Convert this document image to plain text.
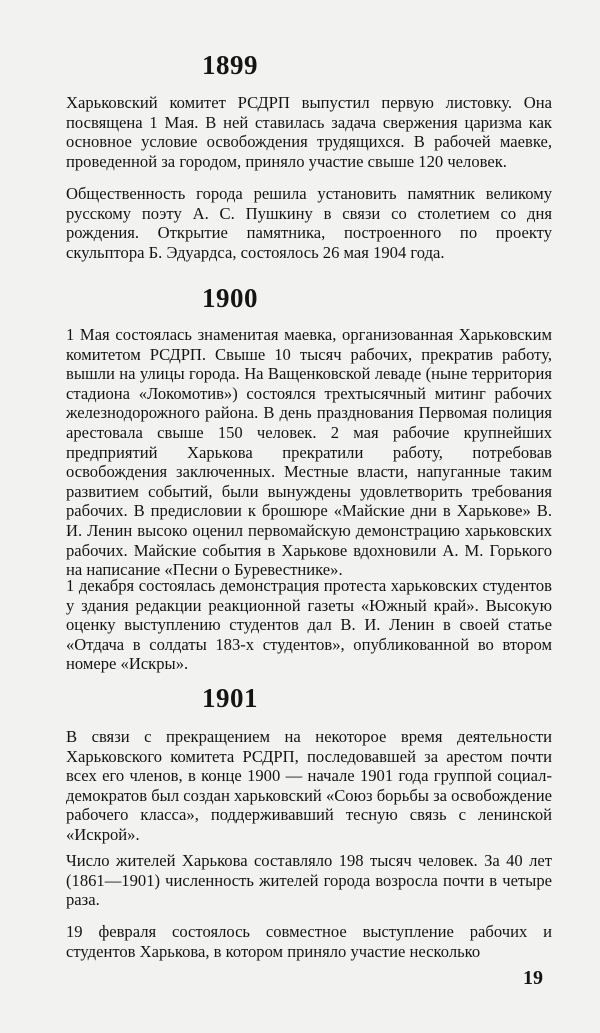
1899

Харьковский комитет РСДРП выпустил первую листовку. Она посвящена 1 Мая. В ней ставилась задача свержения царизма как основное условие освобождения трудящихся. В рабочей маевке, проведенной за городом, приняло участие свыше 120 человек.

Общественность города решила установить памятник великому русскому поэту А. С. Пушкину в связи со столетием со дня рождения. Открытие памятника, построенного по проекту скульптора Б. Эдуардса, состоялось 26 мая 1904 года.

1900

1 Мая состоялась знаменитая маевка, организованная Харьковским комитетом РСДРП. Свыше 10 тысяч рабочих, прекратив работу, вышли на улицы города. На Ващенковской леваде (ныне территория стадиона «Локомотив») состоялся трехтысячный митинг рабочих железнодорожного района. В день празднования Первомая полиция арестовала свыше 150 человек. 2 мая рабочие крупнейших предприятий Харькова прекратили работу, потребовав освобождения заключенных. Местные власти, напуганные таким развитием событий, были вынуждены удовлетворить требования рабочих. В предисловии к брошюре «Майские дни в Харькове» В. И. Ленин высоко оценил первомайскую демонстрацию харьковских рабочих. Майские события в Харькове вдохновили А. М. Горького на написание «Песни о Буревестнике».

1 декабря состоялась демонстрация протеста харьковских студентов у здания редакции реакционной газеты «Южный край». Высокую оценку выступлению студентов дал В. И. Ленин в своей статье «Отдача в солдаты 183-х студентов», опубликованной во втором номере «Искры».

1901

В связи с прекращением на некоторое время деятельности Харьковского комитета РСДРП, последовавшей за арестом почти всех его членов, в конце 1900 — начале 1901 года группой социал-демократов был создан харьковский «Союз борьбы за освобождение рабочего класса», поддерживавший тесную связь с ленинской «Искрой».

Число жителей Харькова составляло 198 тысяч человек. За 40 лет (1861—1901) численность жителей города возросла почти в четыре раза.

19 февраля состоялось совместное выступление рабочих и студентов Харькова, в котором приняло участие несколько

19
